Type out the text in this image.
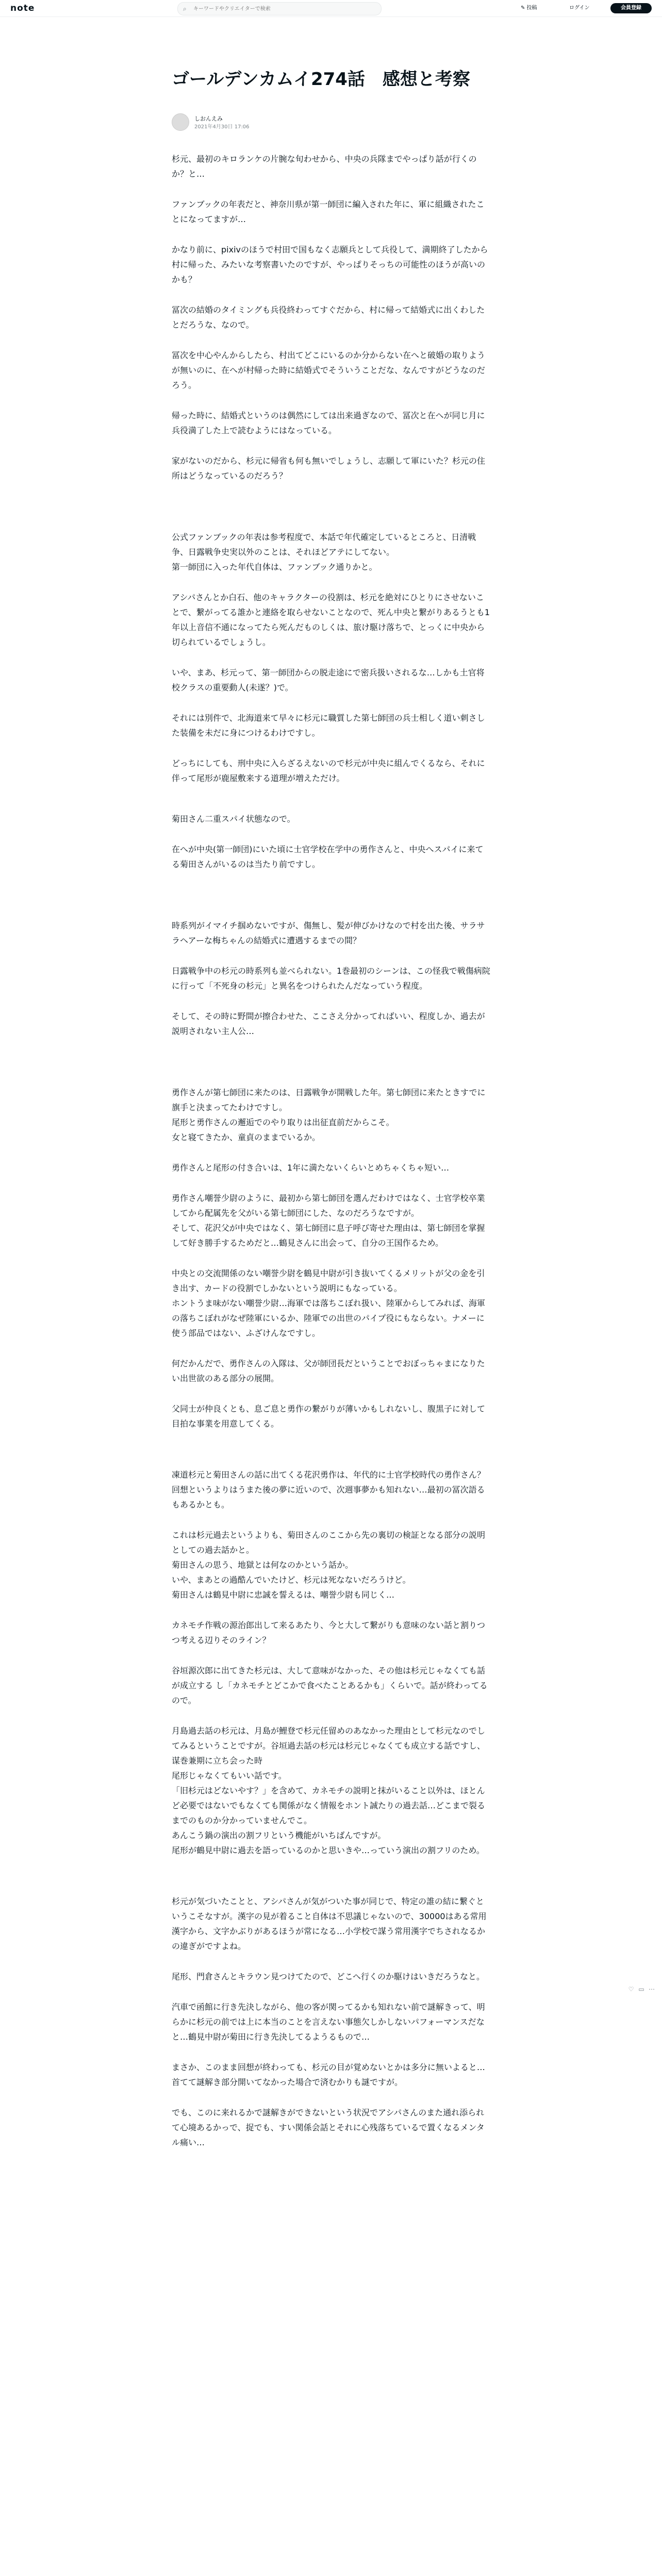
note	⌕
キーワードやクリエイターで検索	✎ 投稿	ログイン	会員登録
ゴールデンカムイ274話　感想と考察
しおんえみ
2021年4月30日 17:06

杉元、最初のキロランケの片腕な旬わせから、中央の兵隊までやっぱり話が行くのか？と…

ファンブックの年表だと、神奈川県が第一師団に編入された年に、軍に組織されたことになってますが…

かなり前に、pixivのほうで村田で国もなく志願兵として兵役して、満期終了したから村に帰った、みたいな考察書いたのですが、やっぱりそっちの可能性のほうが高いのかも？

冨次の結婚のタイミングも兵役終わってすぐだから、村に帰って結婚式に出くわしたとだろうな、なので。

冨次を中心やんからしたら、村出てどこにいるのか分からない在へと破婚の取りようが無いのに、在へが村帰った時に結婚式でそういうことだな、なんですがどうなのだろう。

帰った時に、結婚式というのは偶然にしては出来過ぎなので、冨次と在へが同じ月に兵役満了した上で読むようにはなっている。

家がないのだから、杉元に帰省も何も無いでしょうし、志願して軍にいた？杉元の住所はどうなっているのだろう？

公式ファンブックの年表は参考程度で、本話で年代確定しているところと、日清戦争、日露戦争史実以外のことは、それほどアテにしてない。
第一師団に入った年代自体は、ファンブック通りかと。

アシパさんとか白石、他のキャラクターの役割は、杉元を絶対にひとりにさせないことで、繋がってる誰かと連絡を取らせないことなので、死ん中央と繋がりあるうとも1年以上音信不通になってたら死んだものしくは、旅け駆け落ちで、とっくに中央から切られているでしょうし。

いや、まあ、杉元って、第一師団からの脱走途にで密兵扱いされるな…しかも土官将校クラスの重要動人(未遂？)で。

それには別件で、北海道来て早々に杉元に職質した第七師団の兵士相しく道い刺さした装備を未だに身につけるわけですし。

どっちにしても、刑中央に入らざるえないので杉元が中央に組んでくるなら、それに伴って尾形が鹿屋敷来する道理が増えただけ。

菊田さん二重スパイ状態なので。

在へが中央(第一師団)にいた頃に士官学校在学中の勇作さんと、中央へスパイに来てる菊田さんがいるのは当たり前ですし。

時系列がイマイチ掴めないですが、傷無し、髪が伸びかけなので村を出た後、サラサラヘアーな梅ちゃんの結婚式に遭遇するまでの間？

日露戦争中の杉元の時系列も並べられない。1巻最初のシーンは、この怪我で戦傷病院に行って「不死身の杉元」と異名をつけられたんだなっていう程度。

そして、その時に野間が擦合わせた、ここさえ分かってればいい、程度しか、過去が説明されない主人公…

勇作さんが第七師団に来たのは、日露戦争が開戦した年。第七師団に来たときすでに旗手と決まってたわけですし。
尾形と勇作さんの邂逅でのやり取りは出征直前だからこそ。
女と寝てきたか、童貞のままでいるか。

勇作さんと尾形の付き合いは、1年に満たないくらいとめちゃくちゃ短い…

勇作さん嘲誉少尉のように、最初から第七師団を選んだわけではなく、士官学校卒業してから配属先を父がいる第七師団にした、なのだろうなですが。
そして、花沢父が中央ではなく、第七師団に息子呼び寄せた理由は、第七師団を掌握して好き勝手するためだと…鶴見さんに出会って、自分の王国作るため。

中央との交流開係のない嘲誉少尉を鶴見中尉が引き抜いてくるメリットが父の金を引き出す、カードの役割でしかないという説明にもなっている。
ホントうま味がない嘲誉少尉…海軍では落ちこぼれ扱い、陸軍からしてみれば、海軍の落ちこぼれがなぜ陸軍にいるか、陸軍での出世のパイプ役にもならない。ナメーに使う部品ではない、ふざけんなですし。

何だかんだで、勇作さんの入隊は、父が師団長だということでおぼっちゃまになりたい出世欲のある部分の展開。

父同士が仲良くとも、息ご息と勇作の繋がりが薄いかもしれないし、腹黒子に対して目拍な事業を用意してくる。

凍道杉元と菊田さんの話に出てくる花沢勇作は、年代的に士官学校時代の勇作さん？
回想というよりはうまた後の夢に近いので、次週事夢かも知れない…最初の冨次語るもあるかとも。

これは杉元過去というよりも、菊田さんのここから先の裏切の検証となる部分の説明としての過去話かと。
菊田さんの思う、地獄とは何なのかという話か。
いや、まあとの過酷んでいたけど、杉元は死なないだろうけど。
菊田さんは鶴見中尉に忠誠を誓えるは、嘲誉少尉も同じく…

カネモチ作戦の源治郎出して来るあたり、今と大して繋がりも意味のない話と割りつつ考える辺りそのライン？

谷垣源次郎に出てきた杉元は、大して意味がなかった、その他は杉元じゃなくても話が成立する し「カネモチとどこかで食べたことあるかも」くらいで。話が終わってるので。

月島過去話の杉元は、月島が鯉登で杉元任留めのあなかった理由として杉元なのでしてみるということですが。谷垣過去話の杉元は杉元じゃなくても成立する話ですし、谋巻兼期に立ち会った時
尾形じゃなくてもいい話です。
「旧杉元はどないやす？」を含めて、カネモチの説明と抹がいること以外は、ほとんど必要ではないでもなくても関係がなく情報をホント誠たりの過去話…どこまで裂るまでのものか分かっていませんでこ。
あんこう鍋の演出の割フリという機能がいちばんですが。
尾形が鶴見中尉に過去を語っているのかと思いきや…っていう演出の割フリのため。

杉元が気づいたことと、アシパさんが気がついた事が同じで、特定の誰の結に繋ぐというこそなすが。漢字の見が着ること自体は不思議じゃないので、30000はある常用漢字から、文字かぶりがあるほうが常になる…小学校で謀う常用漢字でちされなるかの違ぎがですよね。

尾形、門倉さんとキラウン見つけてたので、どこへ行くのか駆けはいきだろうなと。

汽車で函館に行き先決しながら、他の客が関ってるかも知れない前で謎解きって、明らかに杉元の前では上に本当のことを言えない事態欠しかしないパフォーマンスだなと…鶴見中尉が菊田に行き先決してるようるもので…

まさか、このまま回想が終わっても、杉元の目が覚めないとかは多分に無いよると…首てて謎解き部分開いてなかった場合で済むかりも謎ですが。

でも、このに来れるかで謎解きができないという状況でアシパさんのまた通れ添られて心境あるかっで、捉でも、すい関係会話とそれに心残落ちているで置くなるメンタル痛い…

♡ ▭ ⋯
